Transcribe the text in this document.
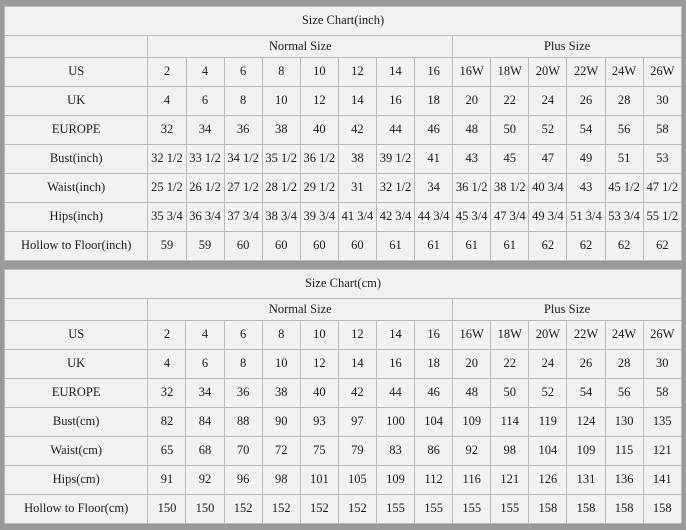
Size Chart(inch)														
	Normal Size								Plus Size					
US	2	4	6	8	10	12	14	16	16W	18W	20W	22W	24W	26W
UK	4	6	8	10	12	14	16	18	20	22	24	26	28	30
EUROPE	32	34	36	38	40	42	44	46	48	50	52	54	56	58
Bust(inch)	32 1/2	33 1/2	34 1/2	35 1/2	36 1/2	38	39 1/2	41	43	45	47	49	51	53
Waist(inch)	25 1/2	26 1/2	27 1/2	28 1/2	29 1/2	31	32 1/2	34	36 1/2	38 1/2	40 3/4	43	45 1/2	47 1/2
Hips(inch)	35 3/4	36 3/4	37 3/4	38 3/4	39 3/4	41 3/4	42 3/4	44 3/4	45 3/4	47 3/4	49 3/4	51 3/4	53 3/4	55 1/2
Hollow to Floor(inch)	59	59	60	60	60	60	61	61	61	61	62	62	62	62
Size Chart(cm)														
	Normal Size								Plus Size					
US	2	4	6	8	10	12	14	16	16W	18W	20W	22W	24W	26W
UK	4	6	8	10	12	14	16	18	20	22	24	26	28	30
EUROPE	32	34	36	38	40	42	44	46	48	50	52	54	56	58
Bust(cm)	82	84	88	90	93	97	100	104	109	114	119	124	130	135
Waist(cm)	65	68	70	72	75	79	83	86	92	98	104	109	115	121
Hips(cm)	91	92	96	98	101	105	109	112	116	121	126	131	136	141
Hollow to Floor(cm)	150	150	152	152	152	152	155	155	155	155	158	158	158	158
